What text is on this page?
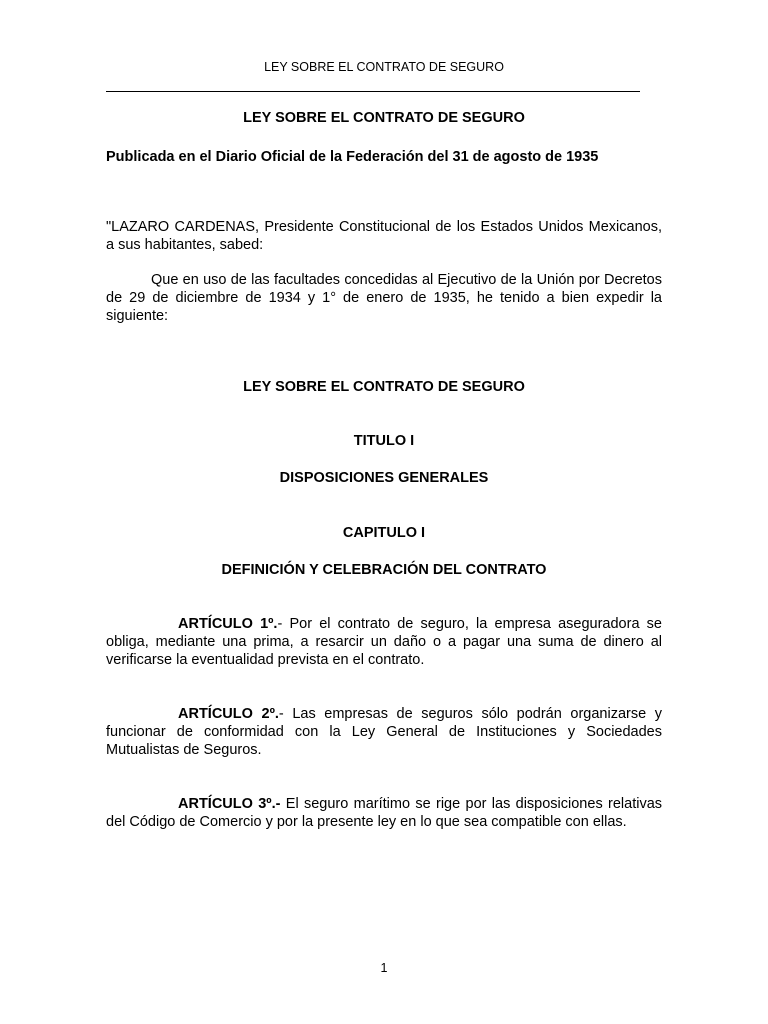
LEY SOBRE EL CONTRATO DE SEGURO
LEY SOBRE EL CONTRATO DE SEGURO
Publicada en el Diario Oficial de la Federación del 31 de agosto de 1935

"LAZARO CARDENAS, Presidente Constitucional de los Estados Unidos Mexicanos, a sus habitantes, sabed:

Que en uso de las facultades concedidas al Ejecutivo de la Unión por Decretos de 29 de diciembre de 1934 y 1° de enero de 1935, he tenido a bien expedir la siguiente:

LEY SOBRE EL CONTRATO DE SEGURO
TITULO I
DISPOSICIONES GENERALES
CAPITULO I
DEFINICIÓN Y CELEBRACIÓN DEL CONTRATO

ARTÍCULO 1º.- Por el contrato de seguro, la empresa aseguradora se obliga, mediante una prima, a resarcir un daño o a pagar una suma de dinero al verificarse la eventualidad prevista en el contrato.

ARTÍCULO 2º.- Las empresas de seguros sólo podrán organizarse y funcionar de conformidad con la Ley General de Instituciones y Sociedades Mutualistas de Seguros.

ARTÍCULO 3º.- El seguro marítimo se rige por las disposiciones relativas del Código de Comercio y por la presente ley en lo que sea compatible con ellas.

1
